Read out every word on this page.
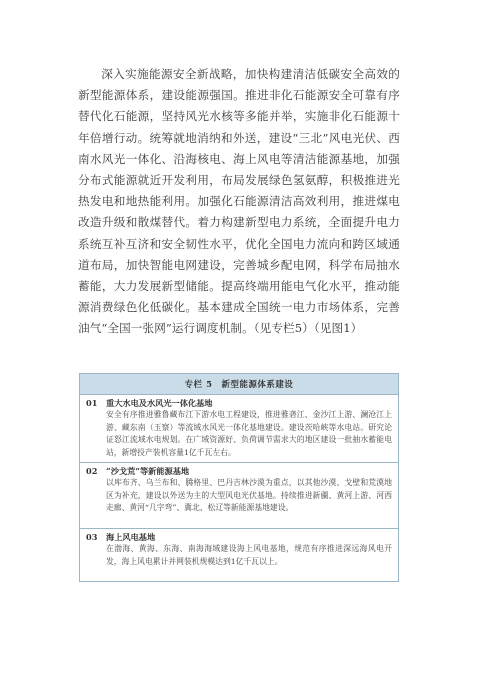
深入实施能源安全新战略，加快构建清洁低碳安全高效的新型能源体系，建设能源强国。推进非化石能源安全可靠有序替代化石能源，坚持风光水核等多能并举，实施非化石能源十年倍增行动。统筹就地消纳和外送，建设“三北”风电光伏、西南水风光一体化、沿海核电、海上风电等清洁能源基地，加强分布式能源就近开发利用，布局发展绿色氢氨醇，积极推进光热发电和地热能利用。加强化石能源清洁高效利用，推进煤电改造升级和散煤替代。着力构建新型电力系统，全面提升电力系统互补互济和安全韧性水平，优化全国电力流向和跨区域通道布局，加快智能电网建设，完善城乡配电网，科学布局抽水蓄能，大力发展新型储能。提高终端用能电气化水平，推动能源消费绿色化低碳化。基本建成全国统一电力市场体系，完善油气“全国一张网”运行调度机制。（见专栏5）（见图1）

专栏 5　新型能源体系建设
01 重大水电及水风光一体化基地
安全有序推进雅鲁藏布江下游水电工程建设，推进雅砻江、金沙江上游、澜沧江上游、藏东南（玉察）等流域水风光一体化基地建设。建设茨哈峡等水电站。研究论证怒江流域水电规划。在广域资源好、负荷调节需求大的地区建设一批抽水蓄能电站，新增投产装机容量1亿千瓦左右。
02 “沙戈荒”等新能源基地
以库布齐、乌兰布和、腾格里、巴丹吉林沙漠为重点，以其他沙漠、戈壁和荒漠地区为补充，建设以外送为主的大型风电光伏基地。持续推进新疆、黄河上游、河西走廊、黄河“几字弯”、冀北、松辽等新能源基地建设。
03 海上风电基地
在渤海、黄海、东海、南海海域建设海上风电基地，规范有序推进深远海风电开发，海上风电累计并网装机规模达到1亿千瓦以上。
